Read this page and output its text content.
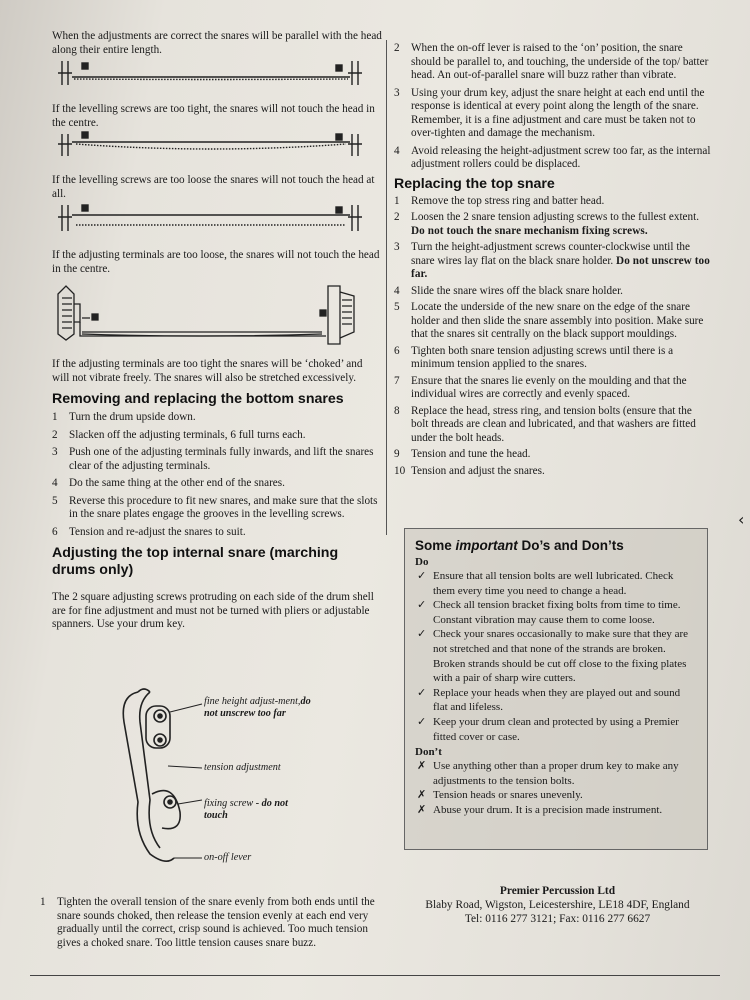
When the adjustments are correct the snares will be parallel with the head along their entire length.

If the levelling screws are too tight, the snares will not touch the head in the centre.

If the levelling screws are too loose the snares will not touch the head at all.

If the adjusting terminals are too loose, the snares will not touch the head in the centre.

If the adjusting terminals are too tight the snares will be ‘choked’ and will not vibrate freely. The snares will also be stretched excessively.

Removing and replacing the bottom snares
1 Turn the drum upside down.
2 Slacken off the adjusting terminals, 6 full turns each.
3 Push one of the adjusting terminals fully inwards, and lift the snares clear of the adjusting terminals.
4 Do the same thing at the other end of the snares.
5 Reverse this procedure to fit new snares, and make sure that the slots in the snare plates engage the grooves in the levelling screws.
6 Tension and re-adjust the snares to suit.
Adjusting the top internal snare (marching drums only)

The 2 square adjusting screws protruding on each side of the drum shell are for fine adjustment and must not be turned with pliers or adjustable spanners. Use your drum key.

fine height adjust-ment,do not unscrew too far
tension adjustment
fixing screw - do not touch
on-off lever
1	Tighten the overall tension of the snare evenly from both ends until the snare sounds choked, then release the tension evenly at each end very gradually until the correct, crisp sound is achieved. Too much tension gives a choked snare. Too little tension causes snare buzz.

2 When the on-off lever is raised to the ‘on’ position, the snare should be parallel to, and touching, the underside of the top/ batter head. An out-of-parallel snare will buzz rather than vibrate.
3 Using your drum key, adjust the snare height at each end until the response is identical at every point along the length of the snare. Remember, it is a fine adjustment and care must be taken not to over-tighten and damage the mechanism.
4 Avoid releasing the height-adjustment screw too far, as the internal adjustment rollers could be displaced.
Replacing the top snare
1 Remove the top stress ring and batter head.
2 Loosen the 2 snare tension adjusting screws to the fullest extent.
Do not touch the snare mechanism fixing screws.
3 Turn the height-adjustment screws counter-clockwise until the snare wires lay flat on the black snare holder. Do not unscrew too far.
4 Slide the snare wires off the black snare holder.
5 Locate the underside of the new snare on the edge of the snare holder and then slide the snare assembly into position. Make sure that the snares sit centrally on the black support mouldings.
6 Tighten both snare tension adjusting screws until there is a minimum tension applied to the snares.
7 Ensure that the snares lie evenly on the moulding and that the individual wires are correctly and evenly spaced.
8 Replace the head, stress ring, and tension bolts (ensure that the bolt threads are clean and lubricated, and that washers are fitted under the bolt heads.
9 Tension and tune the head.
10 Tension and adjust the snares.
Some important Do’s and Don’ts
Do
✓ Ensure that all tension bolts are well lubricated. Check them every time you need to change a head.
✓ Check all tension bracket fixing bolts from time to time. Constant vibration may cause them to come loose.
✓ Check your snares occasionally to make sure that they are not stretched and that none of the strands are broken. Broken strands should be cut off close to the fixing plates with a pair of sharp wire cutters.
✓ Replace your heads when they are played out and sound flat and lifeless.
✓ Keep your drum clean and protected by using a Premier fitted cover or case.
Don’t
✗ Use anything other than a proper drum key to make any adjustments to the tension bolts.
✗ Tension heads or snares unevenly.
✗ Abuse your drum. It is a precision made instrument.
Premier Percussion Ltd
Blaby Road, Wigston, Leicestershire, LE18 4DF, England
Tel: 0116 277 3121; Fax: 0116 277 6627
‹
